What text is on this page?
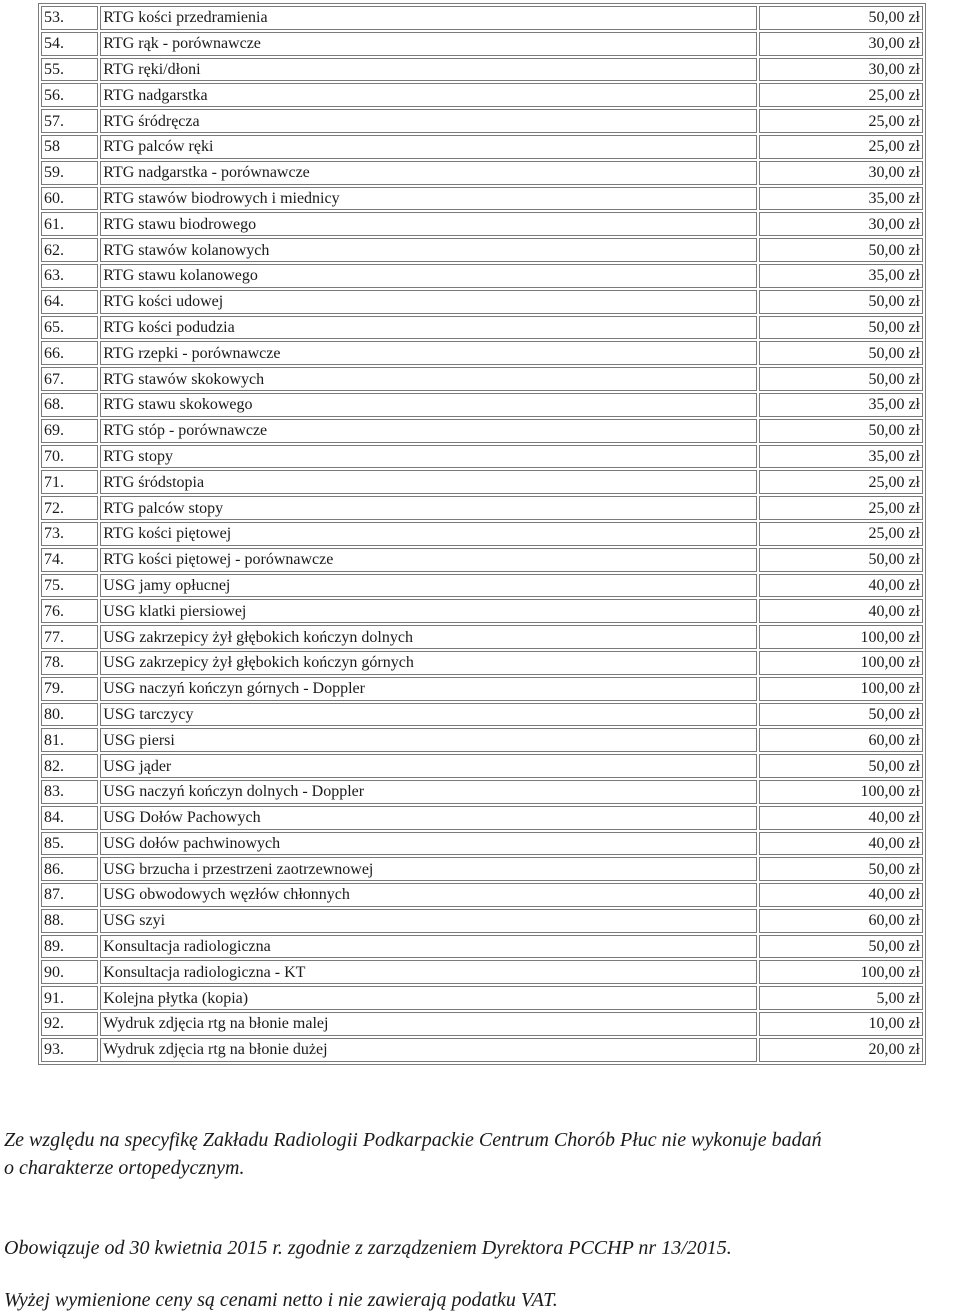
53.	RTG kości przedramienia	50,00 zł
54.	RTG rąk - porównawcze	30,00 zł
55.	RTG ręki/dłoni	30,00 zł
56.	RTG nadgarstka	25,00 zł
57.	RTG śródręcza	25,00 zł
58	RTG palców ręki	25,00 zł
59.	RTG nadgarstka - porównawcze	30,00 zł
60.	RTG stawów biodrowych i miednicy	35,00 zł
61.	RTG stawu biodrowego	30,00 zł
62.	RTG stawów kolanowych	50,00 zł
63.	RTG stawu kolanowego	35,00 zł
64.	RTG kości udowej	50,00 zł
65.	RTG kości podudzia	50,00 zł
66.	RTG rzepki - porównawcze	50,00 zł
67.	RTG stawów skokowych	50,00 zł
68.	RTG stawu skokowego	35,00 zł
69.	RTG stóp - porównawcze	50,00 zł
70.	RTG stopy	35,00 zł
71.	RTG śródstopia	25,00 zł
72.	RTG palców stopy	25,00 zł
73.	RTG kości piętowej	25,00 zł
74.	RTG kości piętowej - porównawcze	50,00 zł
75.	USG jamy opłucnej	40,00 zł
76.	USG klatki piersiowej	40,00 zł
77.	USG zakrzepicy żył głębokich kończyn dolnych	100,00 zł
78.	USG zakrzepicy żył głębokich kończyn górnych	100,00 zł
79.	USG naczyń kończyn górnych - Doppler	100,00 zł
80.	USG tarczycy	50,00 zł
81.	USG piersi	60,00 zł
82.	USG jąder	50,00 zł
83.	USG naczyń kończyn dolnych - Doppler	100,00 zł
84.	USG Dołów Pachowych	40,00 zł
85.	USG dołów pachwinowych	40,00 zł
86.	USG brzucha i przestrzeni zaotrzewnowej	50,00 zł
87.	USG obwodowych węzłów chłonnych	40,00 zł
88.	USG szyi	60,00 zł
89.	Konsultacja radiologiczna	50,00 zł
90.	Konsultacja radiologiczna - KT	100,00 zł
91.	Kolejna płytka (kopia)	5,00 zł
92.	Wydruk zdjęcia rtg na błonie malej	10,00 zł
93.	Wydruk zdjęcia rtg na błonie dużej	20,00 zł
Ze względu na specyfikę Zakładu Radiologii Podkarpackie Centrum Chorób Płuc nie wykonuje badań
o charakterze ortopedycznym.
Obowiązuje od 30 kwietnia 2015 r. zgodnie z zarządzeniem Dyrektora PCCHP nr 13/2015.
Wyżej wymienione ceny są cenami netto i nie zawierają podatku VAT.
